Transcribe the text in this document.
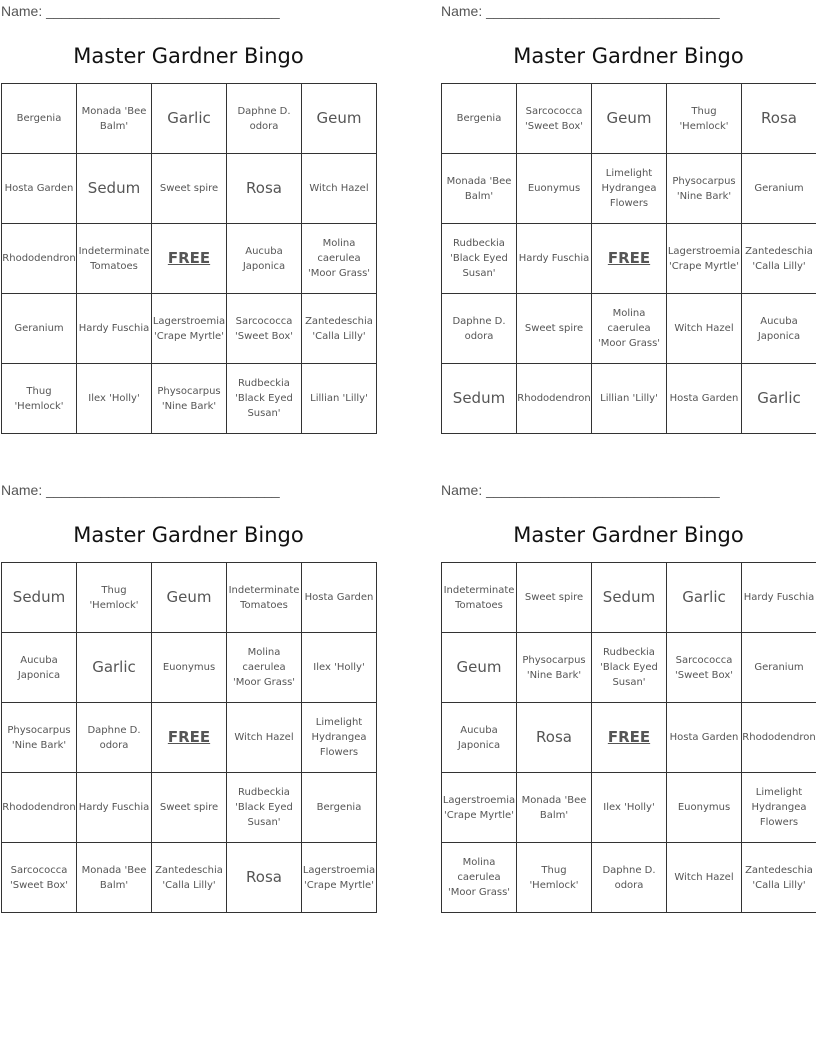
Name: ______________________________
Master Gardner Bingo
Bergenia	Monada 'Bee Balm'	Garlic	Daphne D. odora	Geum
Hosta Garden	Sedum	Sweet spire	Rosa	Witch Hazel
Rhododendron	Indeterminate Tomatoes	FREE	Aucuba Japonica	Molina caerulea 'Moor Grass'
Geranium	Hardy Fuschia	Lagerstroemia 'Crape Myrtle'	Sarcococca 'Sweet Box'	Zantedeschia 'Calla Lilly'
Thug 'Hemlock'	Ilex 'Holly'	Physocarpus 'Nine Bark'	Rudbeckia 'Black Eyed Susan'	Lillian 'Lilly'
Name: ______________________________
Master Gardner Bingo
Bergenia	Sarcococca 'Sweet Box'	Geum	Thug 'Hemlock'	Rosa
Monada 'Bee Balm'	Euonymus	Limelight Hydrangea Flowers	Physocarpus 'Nine Bark'	Geranium
Rudbeckia 'Black Eyed Susan'	Hardy Fuschia	FREE	Lagerstroemia 'Crape Myrtle'	Zantedeschia 'Calla Lilly'
Daphne D. odora	Sweet spire	Molina caerulea 'Moor Grass'	Witch Hazel	Aucuba Japonica
Sedum	Rhododendron	Lillian 'Lilly'	Hosta Garden	Garlic
Name: ______________________________
Master Gardner Bingo
Sedum	Thug 'Hemlock'	Geum	Indeterminate Tomatoes	Hosta Garden
Aucuba Japonica	Garlic	Euonymus	Molina caerulea 'Moor Grass'	Ilex 'Holly'
Physocarpus 'Nine Bark'	Daphne D. odora	FREE	Witch Hazel	Limelight Hydrangea Flowers
Rhododendron	Hardy Fuschia	Sweet spire	Rudbeckia 'Black Eyed Susan'	Bergenia
Sarcococca 'Sweet Box'	Monada 'Bee Balm'	Zantedeschia 'Calla Lilly'	Rosa	Lagerstroemia 'Crape Myrtle'
Name: ______________________________
Master Gardner Bingo
Indeterminate Tomatoes	Sweet spire	Sedum	Garlic	Hardy Fuschia
Geum	Physocarpus 'Nine Bark'	Rudbeckia 'Black Eyed Susan'	Sarcococca 'Sweet Box'	Geranium
Aucuba Japonica	Rosa	FREE	Hosta Garden	Rhododendron
Lagerstroemia 'Crape Myrtle'	Monada 'Bee Balm'	Ilex 'Holly'	Euonymus	Limelight Hydrangea Flowers
Molina caerulea 'Moor Grass'	Thug 'Hemlock'	Daphne D. odora	Witch Hazel	Zantedeschia 'Calla Lilly'
